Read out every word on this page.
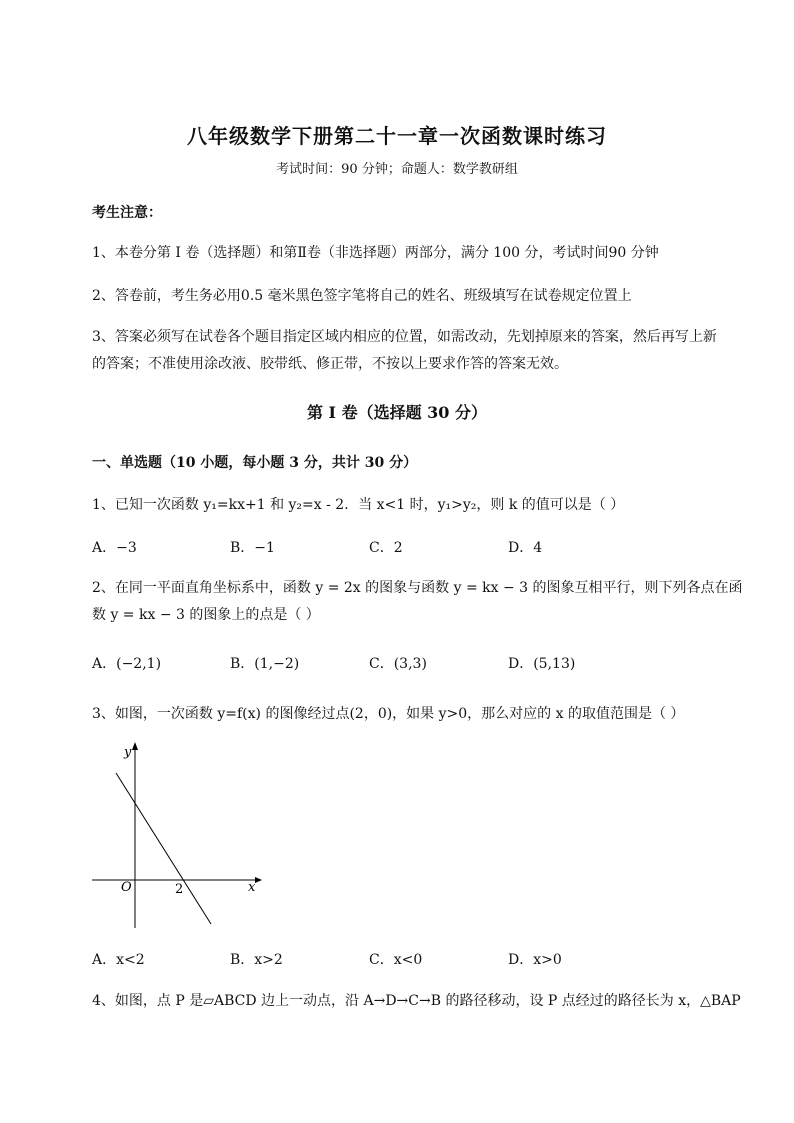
八年级数学下册第二十一章一次函数课时练习
考试时间：90 分钟；命题人：数学教研组
考生注意：
1、本卷分第 I 卷（选择题）和第Ⅱ卷（非选择题）两部分，满分 100 分，考试时间90 分钟
2、答卷前，考生务必用0.5 毫米黑色签字笔将自己的姓名、班级填写在试卷规定位置上
3、答案必须写在试卷各个题目指定区域内相应的位置，如需改动，先划掉原来的答案，然后再写上新
的答案；不准使用涂改液、胶带纸、修正带，不按以上要求作答的答案无效。
第 I 卷（选择题 30 分）
一、单选题（10 小题，每小题 3 分，共计 30 分）
1、已知一次函数 y₁=kx+1 和 y₂=x - 2．当 x<1 时，y₁>y₂，则 k 的值可以是（ ）
A．−3	B．−1	C．2	D．4
2、在同一平面直角坐标系中，函数 y = 2x 的图象与函数 y = kx − 3 的图象互相平行，则下列各点在函
数 y = kx − 3 的图象上的点是（ ）
A．(−2,1)	B．(1,−2)	C．(3,3)	D．(5,13)
3、如图，一次函数 y=f(x) 的图像经过点(2，0)，如果 y>0，那么对应的 x 的取值范围是（ ）
y
x
O	2
A．x<2	B．x>2	C．x<0	D．x>0
4、如图，点 P 是▱ABCD 边上一动点，沿 A→D→C→B 的路径移动，设 P 点经过的路径长为 x，△BAP
